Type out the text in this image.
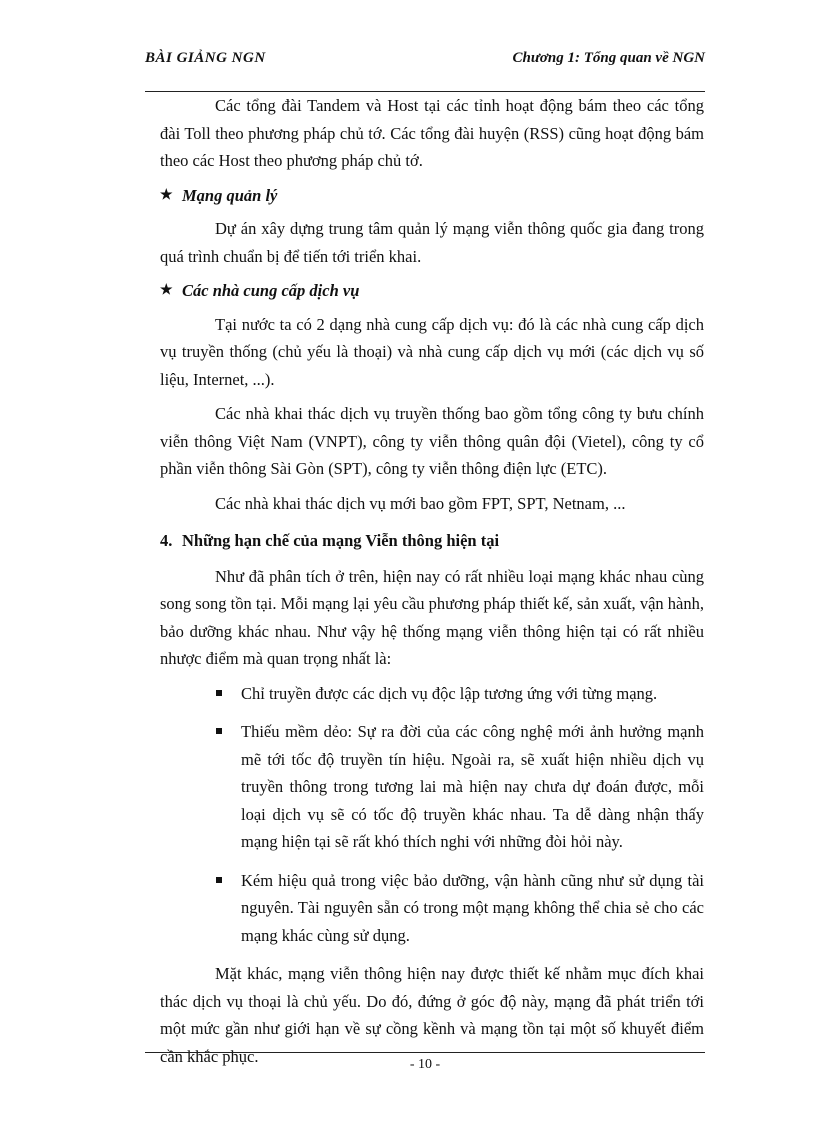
BÀI GIẢNG NGN	Chương 1: Tổng quan về NGN

Các tổng đài Tandem và Host tại các tỉnh hoạt động bám theo các tổng đài Toll theo phương pháp chủ tớ. Các tổng đài huyện (RSS) cũng hoạt động bám theo các Host theo phương pháp chủ tớ.

★ Mạng quản lý

Dự án xây dựng trung tâm quản lý mạng viễn thông quốc gia đang trong quá trình chuẩn bị để tiến tới triển khai.

★ Các nhà cung cấp dịch vụ

Tại nước ta có 2 dạng nhà cung cấp dịch vụ: đó là các nhà cung cấp dịch vụ truyền thống (chủ yếu là thoại) và nhà cung cấp dịch vụ mới (các dịch vụ số liệu, Internet, ...).

Các nhà khai thác dịch vụ truyền thống bao gồm tổng công ty bưu chính viễn thông Việt Nam (VNPT), công ty viễn thông quân đội (Vietel), công ty cổ phần viễn thông Sài Gòn (SPT), công ty viễn thông điện lực (ETC).

Các nhà khai thác dịch vụ mới bao gồm FPT, SPT, Netnam, ...

4. Những hạn chế của mạng Viễn thông hiện tại

Như đã phân tích ở trên, hiện nay có rất nhiều loại mạng khác nhau cùng song song tồn tại. Mỗi mạng lại yêu cầu phương pháp thiết kế, sản xuất, vận hành, bảo dưỡng khác nhau. Như vậy hệ thống mạng viễn thông hiện tại có rất nhiều nhược điểm mà quan trọng nhất là:

Chỉ truyền được các dịch vụ độc lập tương ứng với từng mạng.
Thiếu mềm dẻo: Sự ra đời của các công nghệ mới ảnh hưởng mạnh mẽ tới tốc độ truyền tín hiệu. Ngoài ra, sẽ xuất hiện nhiều dịch vụ truyền thông trong tương lai mà hiện nay chưa dự đoán được, mỗi loại dịch vụ sẽ có tốc độ truyền khác nhau. Ta dễ dàng nhận thấy mạng hiện tại sẽ rất khó thích nghi với những đòi hỏi này.
Kém hiệu quả trong việc bảo dưỡng, vận hành cũng như sử dụng tài nguyên. Tài nguyên sẵn có trong một mạng không thể chia sẻ cho các mạng khác cùng sử dụng.

Mặt khác, mạng viễn thông hiện nay được thiết kế nhằm mục đích khai thác dịch vụ thoại là chủ yếu. Do đó, đứng ở góc độ này, mạng đã phát triển tới một mức gần như giới hạn về sự cồng kềnh và mạng tồn tại một số khuyết điểm cần khắc phục.	- 10 -
